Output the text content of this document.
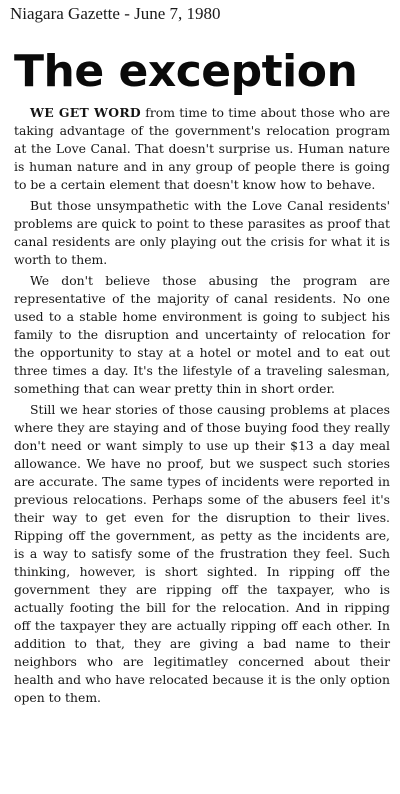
Niagara Gazette - June 7, 1980
The exception

WE GET WORD from time to time about those who are taking advantage of the government's relocation program at the Love Canal. That doesn't surprise us. Human nature is human nature and in any group of people there is going to be a certain element that doesn't know how to behave.

But those unsympathetic with the Love Canal residents' problems are quick to point to these parasites as proof that canal residents are only playing out the crisis for what it is worth to them.

We don't believe those abusing the program are representative of the majority of canal residents. No one used to a stable home environment is going to subject his family to the disruption and uncertainty of relocation for the opportunity to stay at a hotel or motel and to eat out three times a day. It's the lifestyle of a traveling salesman, something that can wear pretty thin in short order.

Still we hear stories of those causing problems at places where they are staying and of those buying food they really don't need or want simply to use up their $13 a day meal allowance. We have no proof, but we suspect such stories are accurate. The same types of incidents were reported in previous relocations. Perhaps some of the abusers feel it's their way to get even for the disruption to their lives. Ripping off the government, as petty as the incidents are, is a way to satisfy some of the frustration they feel. Such thinking, however, is short sighted. In ripping off the government they are ripping off the taxpayer, who is actually footing the bill for the relocation. And in ripping off the taxpayer they are actually ripping off each other. In addition to that, they are giving a bad name to their neighbors who are legitimatley concerned about their health and who have relocated because it is the only option open to them.
